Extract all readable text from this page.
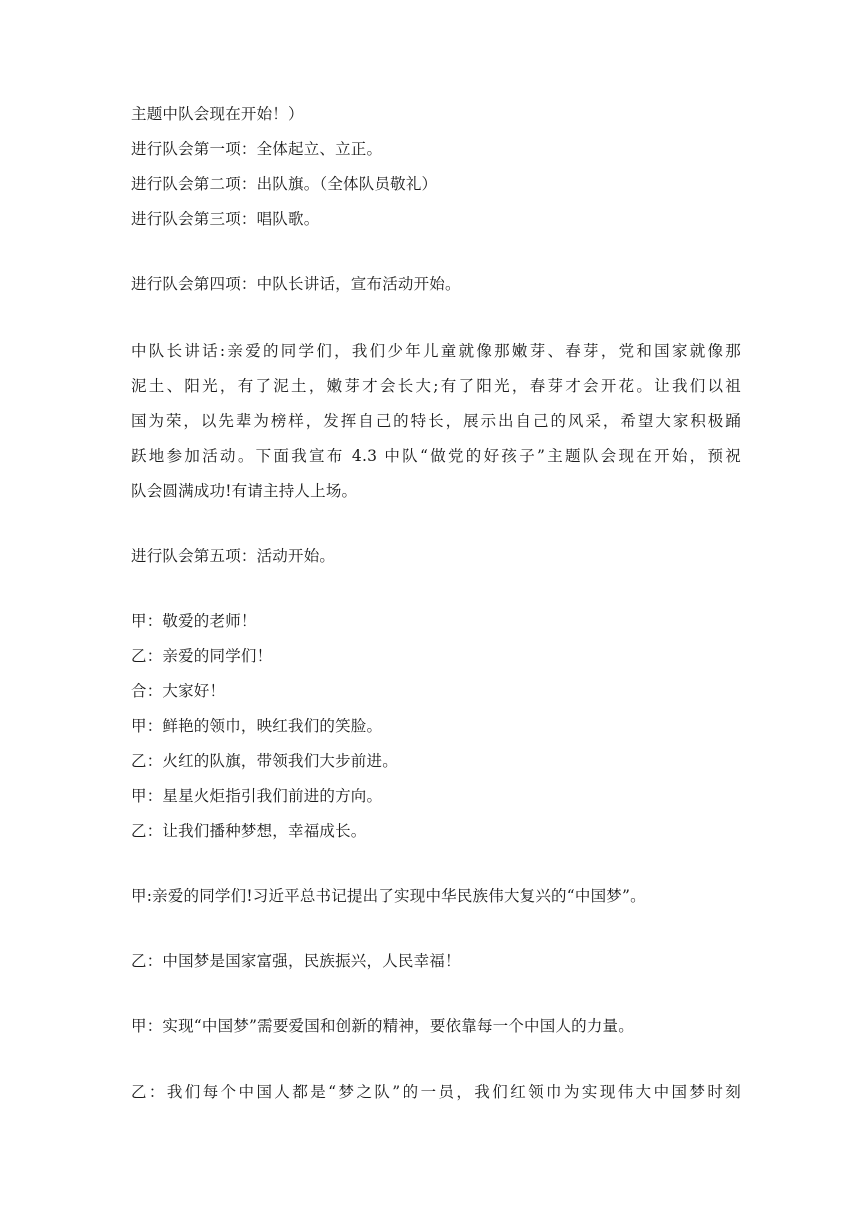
主题中队会现在开始！）
进行队会第一项：全体起立、立正。
进行队会第二项：出队旗。（全体队员敬礼）
进行队会第三项：唱队歌。
进行队会第四项：中队长讲话，宣布活动开始。
中队长讲话:亲爱的同学们，我们少年儿童就像那嫩芽、春芽，党和国家就像那
泥土、阳光，有了泥土，嫩芽才会长大;有了阳光，春芽才会开花。让我们以祖
国为荣，以先辈为榜样，发挥自己的特长，展示出自己的风采，希望大家积极踊
跃地参加活动。下面我宣布 4.3 中队“做党的好孩子”主题队会现在开始，预祝
队会圆满成功!有请主持人上场。
进行队会第五项：活动开始。
甲：敬爱的老师！
乙：亲爱的同学们！
合：大家好！
甲：鲜艳的领巾，映红我们的笑脸。
乙：火红的队旗，带领我们大步前进。
甲：星星火炬指引我们前进的方向。
乙：让我们播种梦想，幸福成长。
甲:亲爱的同学们!习近平总书记提出了实现中华民族伟大复兴的“中国梦”。
乙：中国梦是国家富强，民族振兴，人民幸福！
甲：实现“中国梦”需要爱国和创新的精神，要依靠每一个中国人的力量。
乙：我们每个中国人都是“梦之队”的一员，我们红领巾为实现伟大中国梦时刻
